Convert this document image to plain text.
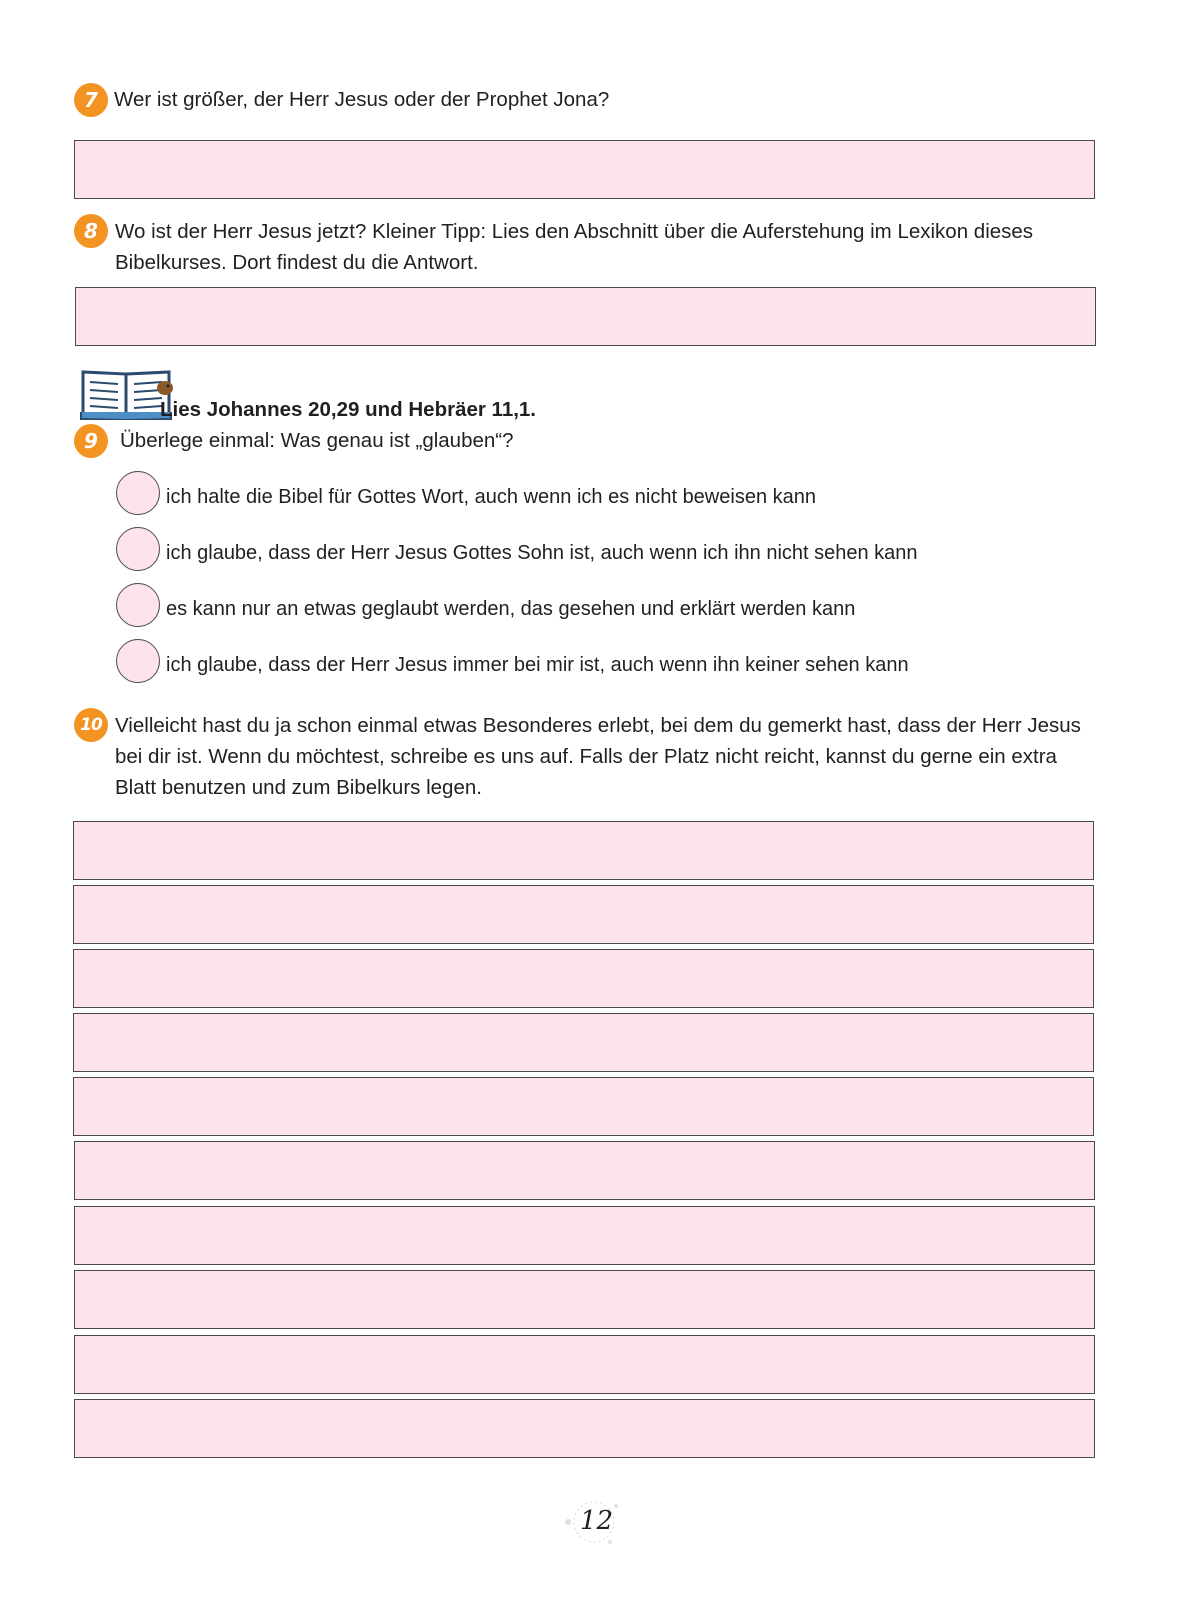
7 Wer ist größer, der Herr Jesus oder der Prophet Jona?
8 Wo ist der Herr Jesus jetzt? Kleiner Tipp: Lies den Abschnitt über die Auferstehung im Lexikon dieses
Bibelkurses. Dort findest du die Antwort.
Lies Johannes 20,29 und Hebräer 11,1.
9	Überlege einmal: Was genau ist „glauben“?
ich halte die Bibel für Gottes Wort, auch wenn ich es nicht beweisen kann
ich glaube, dass der Herr Jesus Gottes Sohn ist, auch wenn ich ihn nicht sehen kann
es kann nur an etwas geglaubt werden, das gesehen und erklärt werden kann
ich glaube, dass der Herr Jesus immer bei mir ist, auch wenn ihn keiner sehen kann
10 Vielleicht hast du ja schon einmal etwas Besonderes erlebt, bei dem du gemerkt hast, dass der Herr Jesus
bei dir ist. Wenn du möchtest, schreibe es uns auf. Falls der Platz nicht reicht, kannst du gerne ein extra
Blatt benutzen und zum Bibelkurs legen.
12
